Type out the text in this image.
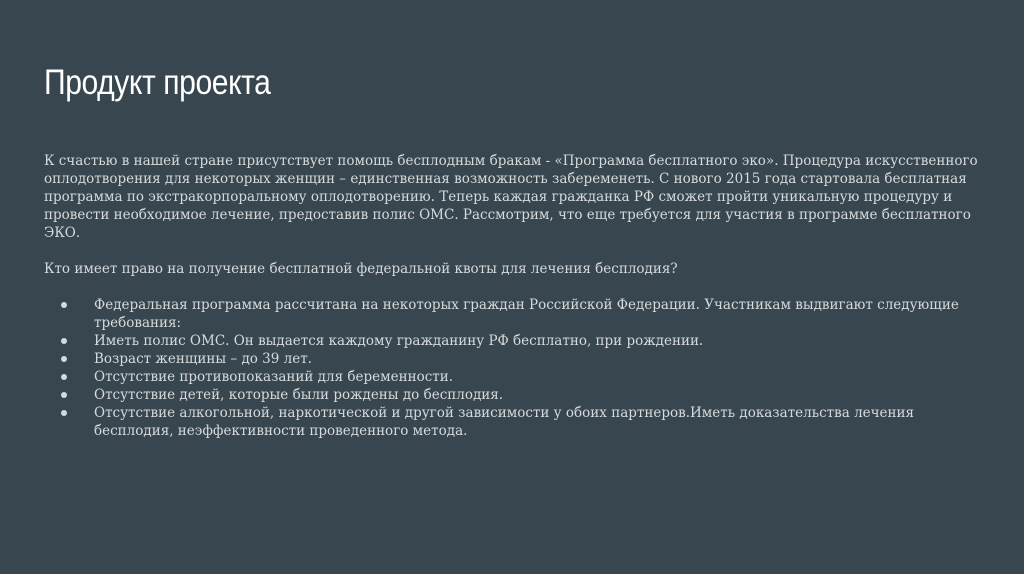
Продукт проекта

К счастью в нашей стране присутствует помощь бесплодным бракам - «Программа бесплатного эко». Процедура искусственного оплодотворения для некоторых женщин – единственная возможность забеременеть. С нового 2015 года стартовала бесплатная программа по экстракорпоральному оплодотворению. Теперь каждая гражданка РФ сможет пройти уникальную процедуру и провести необходимое лечение, предоставив полис ОМС. Рассмотрим, что еще требуется для участия в программе бесплатного ЭКО.

Кто имеет право на получение бесплатной федеральной квоты для лечения бесплодия?

Федеральная программа рассчитана на некоторых граждан Российской Федерации. Участникам выдвигают следующие требования:
Иметь полис ОМС. Он выдается каждому гражданину РФ бесплатно, при рождении.
Возраст женщины – до 39 лет.
Отсутствие противопоказаний для беременности.
Отсутствие детей, которые были рождены до бесплодия.
Отсутствие алкогольной, наркотической и другой зависимости у обоих партнеров.Иметь доказательства лечения бесплодия, неэффективности проведенного метода.
